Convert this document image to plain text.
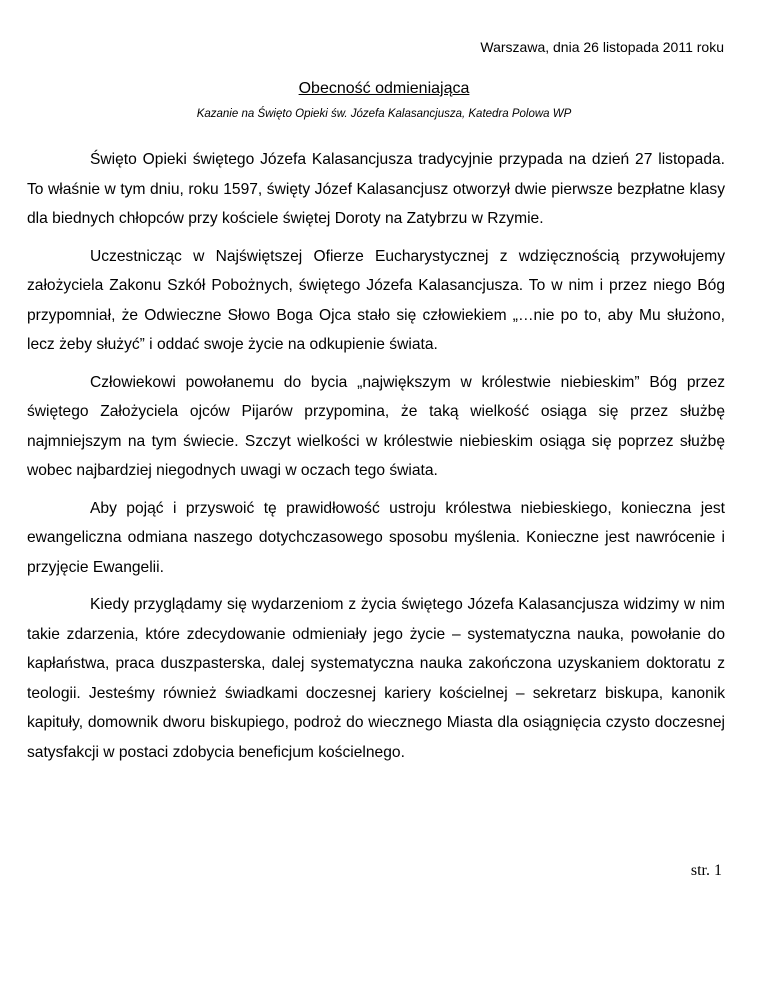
Warszawa, dnia 26 listopada 2011 roku
Obecność odmieniająca
Kazanie na Święto Opieki św. Józefa Kalasancjusza, Katedra Polowa WP

Święto Opieki świętego Józefa Kalasancjusza tradycyjnie przypada na dzień 27 listopada. To właśnie w tym dniu, roku 1597, święty Józef Kalasancjusz otworzył dwie pierwsze bezpłatne klasy dla biednych chłopców przy kościele świętej Doroty na Zatybrzu w Rzymie.

Uczestnicząc w Najświętszej Ofierze Eucharystycznej z wdzięcznością przywołujemy założyciela Zakonu Szkół Pobożnych, świętego Józefa Kalasancjusza. To w nim i przez niego Bóg przypomniał, że Odwieczne Słowo Boga Ojca stało się człowiekiem „…nie po to, aby Mu służono, lecz żeby służyć” i oddać swoje życie na odkupienie świata.

Człowiekowi powołanemu do bycia „największym w królestwie niebieskim” Bóg przez świętego Założyciela ojców Pijarów przypomina, że taką wielkość osiąga się przez służbę najmniejszym na tym świecie. Szczyt wielkości w królestwie niebieskim osiąga się poprzez służbę wobec najbardziej niegodnych uwagi w oczach tego świata.

Aby pojąć i przyswoić tę prawidłowość ustroju królestwa niebieskiego, konieczna jest ewangeliczna odmiana naszego dotychczasowego sposobu myślenia. Konieczne jest nawrócenie i przyjęcie Ewangelii.

Kiedy przyglądamy się wydarzeniom z życia świętego Józefa Kalasancjusza widzimy w nim takie zdarzenia, które zdecydowanie odmieniały jego życie – systematyczna nauka, powołanie do kapłaństwa, praca duszpasterska, dalej systematyczna nauka zakończona uzyskaniem doktoratu z teologii. Jesteśmy również świadkami doczesnej kariery kościelnej – sekretarz biskupa, kanonik kapituły, domownik dworu biskupiego, podroż do wiecznego Miasta dla osiągnięcia czysto doczesnej satysfakcji w postaci zdobycia beneficjum kościelnego.

str. 1
